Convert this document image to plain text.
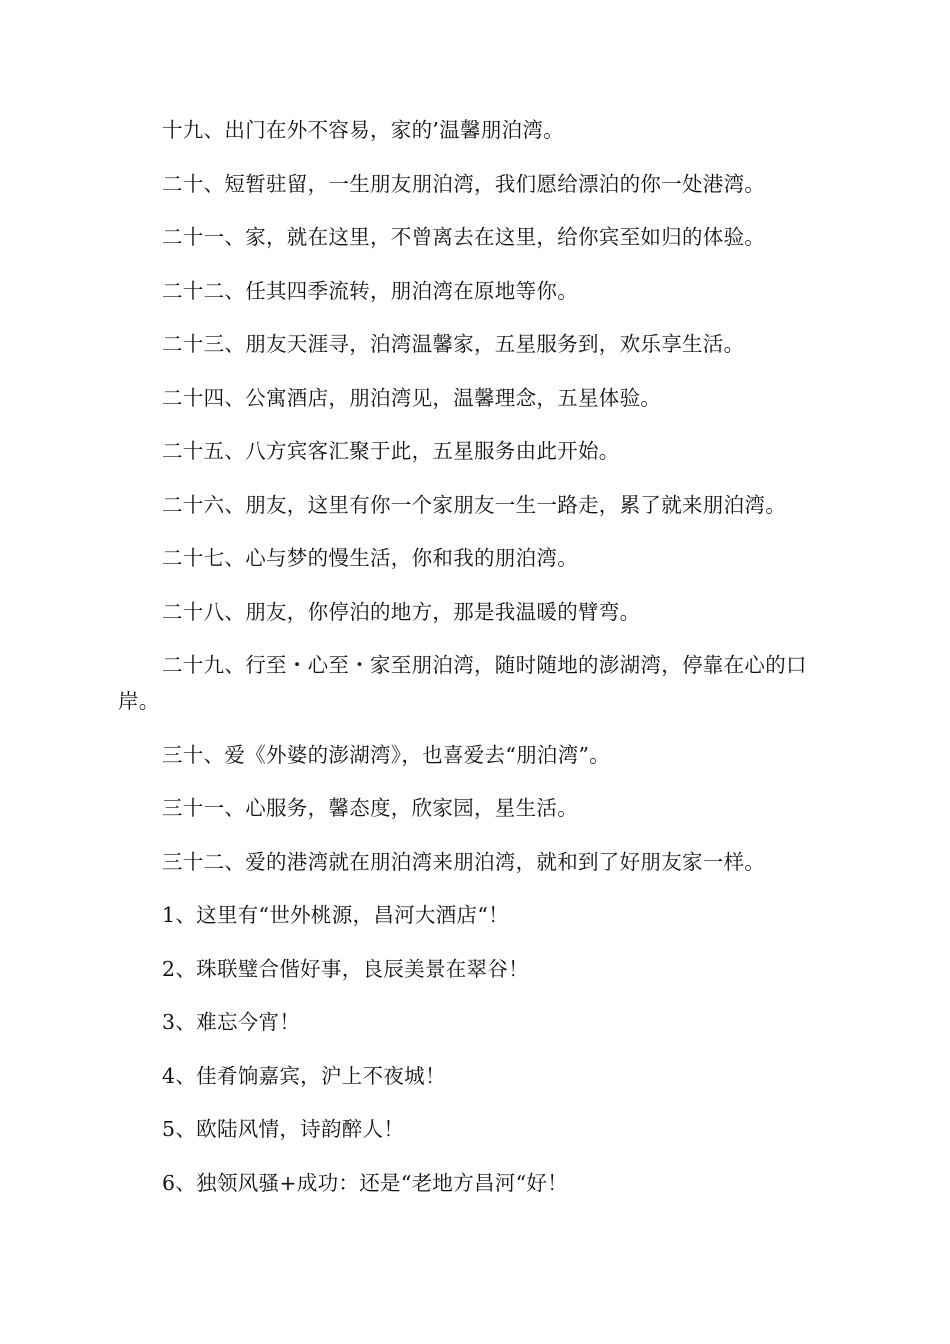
十九、出门在外不容易，家的’温馨朋泊湾。

二十、短暂驻留，一生朋友朋泊湾，我们愿给漂泊的你一处港湾。

二十一、家，就在这里，不曾离去在这里，给你宾至如归的体验。

二十二、任其四季流转，朋泊湾在原地等你。

二十三、朋友天涯寻，泊湾温馨家，五星服务到，欢乐享生活。

二十四、公寓酒店，朋泊湾见，温馨理念，五星体验。

二十五、八方宾客汇聚于此，五星服务由此开始。

二十六、朋友，这里有你一个家朋友一生一路走，累了就来朋泊湾。

二十七、心与梦的慢生活，你和我的朋泊湾。

二十八、朋友，你停泊的地方，那是我温暖的臂弯。

二十九、行至・心至・家至朋泊湾，随时随地的澎湖湾，停靠在心的口岸。

三十、爱《外婆的澎湖湾》，也喜爱去“朋泊湾”。

三十一、心服务，馨态度，欣家园，星生活。

三十二、爱的港湾就在朋泊湾来朋泊湾，就和到了好朋友家一样。

1、这里有“世外桃源，昌河大酒店“！

2、珠联璧合偕好事，良辰美景在翠谷！

3、难忘今宵！

4、佳肴饷嘉宾，沪上不夜城！

5、欧陆风情，诗韵醉人！

6、独领风骚+成功：还是“老地方昌河“好！
